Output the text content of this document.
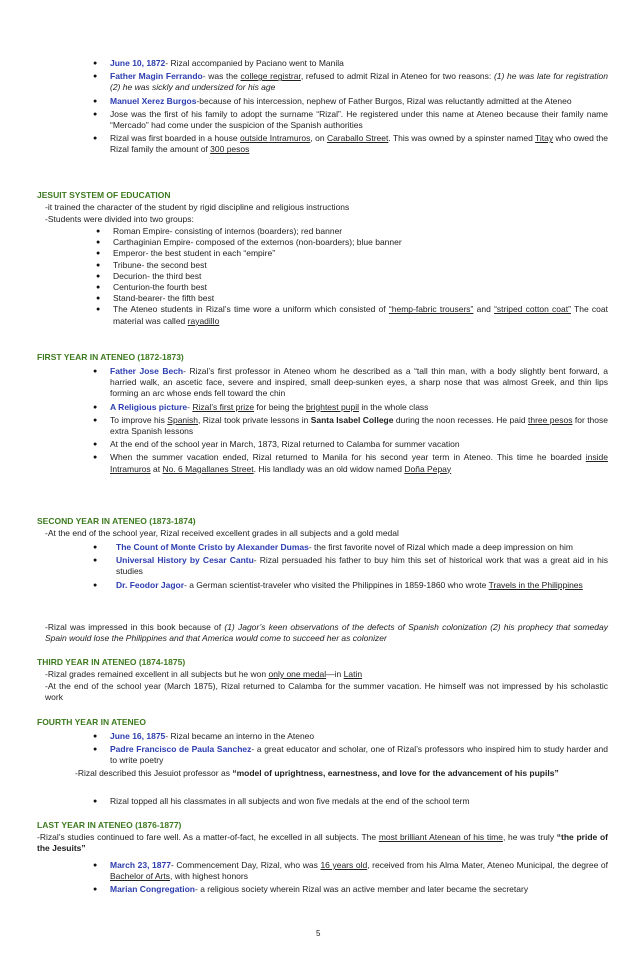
● June 10, 1872- Rizal accompanied by Paciano went to Manila
● Father Magin Ferrando- was the college registrar, refused to admit Rizal in Ateneo for two reasons: (1) he was late for registration (2) he was sickly and undersized for his age
● Manuel Xerez Burgos-because of his intercession, nephew of Father Burgos, Rizal was reluctantly admitted at the Ateneo
● Jose was the first of his family to adopt the surname “Rizal”. He registered under this name at Ateneo because their family name “Mercado” had come under the suspicion of the Spanish authorities
● Rizal was first boarded in a house outside Intramuros, on Caraballo Street. This was owned by a spinster named Titay who owed the Rizal family the amount of 300 pesos
JESUIT SYSTEM OF EDUCATION
-it trained the character of the student by rigid discipline and religious instructions
-Students were divided into two groups:
● Roman Empire- consisting of internos (boarders); red banner
● Carthaginian Empire- composed of the externos (non-boarders); blue banner
● Emperor- the best student in each “empire”
● Tribune- the second best
● Decurion- the third best
● Centurion-the fourth best
● Stand-bearer- the fifth best
● The Ateneo students in Rizal’s time wore a uniform which consisted of “hemp-fabric trousers” and “striped cotton coat” The coat material was called rayadillo
FIRST YEAR IN ATENEO (1872-1873)
● Father Jose Bech- Rizal’s first professor in Ateneo whom he described as a “tall thin man, with a body slightly bent forward, a harried walk, an ascetic face, severe and inspired, small deep-sunken eyes, a sharp nose that was almost Greek, and thin lips forming an arc whose ends fell toward the chin
● A Religious picture- Rizal’s first prize for being the brightest pupil in the whole class
● To improve his Spanish, Rizal took private lessons in Santa Isabel College during the noon recesses. He paid three pesos for those extra Spanish lessons
● At the end of the school year in March, 1873, Rizal returned to Calamba for summer vacation
● When the summer vacation ended, Rizal returned to Manila for his second year term in Ateneo. This time he boarded inside Intramuros at No. 6 Magallanes Street. His landlady was an old widow named Doña Pepay
SECOND YEAR IN ATENEO (1873-1874)
-At the end of the school year, Rizal received excellent grades in all subjects and a gold medal
● The Count of Monte Cristo by Alexander Dumas- the first favorite novel of Rizal which made a deep impression on him
● Universal History by Cesar Cantu- Rizal persuaded his father to buy him this set of historical work that was a great aid in his studies
● Dr. Feodor Jagor- a German scientist-traveler who visited the Philippines in 1859-1860 who wrote Travels in the Philippines
-Rizal was impressed in this book because of (1) Jagor’s keen observations of the defects of Spanish colonization (2) his prophecy that someday Spain would lose the Philippines and that America would come to succeed her as colonizer
THIRD YEAR IN ATENEO (1874-1875)
-Rizal grades remained excellent in all subjects but he won only one medal—in Latin
-At the end of the school year (March 1875), Rizal returned to Calamba for the summer vacation. He himself was not impressed by his scholastic work
FOURTH YEAR IN ATENEO
● June 16, 1875- Rizal became an interno in the Ateneo
● Padre Francisco de Paula Sanchez- a great educator and scholar, one of Rizal’s professors who inspired him to study harder and to write poetry
-Rizal described this Jesuiot professor as “model of uprightness, earnestness, and love for the advancement of his pupils”
● Rizal topped all his classmates in all subjects and won five medals at the end of the school term
LAST YEAR IN ATENEO (1876-1877)
-Rizal’s studies continued to fare well. As a matter-of-fact, he excelled in all subjects. The most brilliant Atenean of his time, he was truly “the pride of the Jesuits”
● March 23, 1877- Commencement Day, Rizal, who was 16 years old, received from his Alma Mater, Ateneo Municipal, the degree of Bachelor of Arts, with highest honors
● Marian Congregation- a religious society wherein Rizal was an active member and later became the secretary
5
